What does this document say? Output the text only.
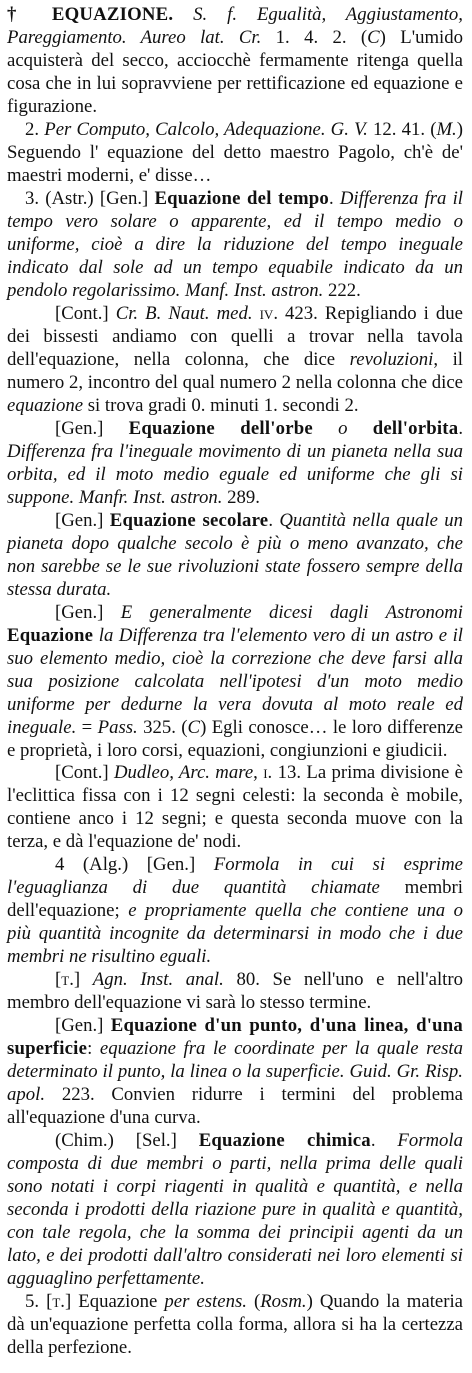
† EQUAZIONE. S. f. Egualità, Aggiustamento, Pareggiamento. Aureo lat. Cr. 1. 4. 2. (C) L'umido acquisterà del secco, acciocchè fermamente ritenga quella cosa che in lui sopravviene per rettificazione ed equazione e figurazione.

2. Per Computo, Calcolo, Adequazione. G. V. 12. 41. (M.) Seguendo l' equazione del detto maestro Pagolo, ch'è de' maestri moderni, e' disse…

3. (Astr.) [Gen.] Equazione del tempo. Differenza fra il tempo vero solare o apparente, ed il tempo medio o uniforme, cioè a dire la riduzione del tempo ineguale indicato dal sole ad un tempo equabile indicato da un pendolo regolarissimo. Manf. Inst. astron. 222.

[Cont.] Cr. B. Naut. med. iv. 423. Repigliando i due dei bissesti andiamo con quelli a trovar nella tavola dell'equazione, nella colonna, che dice revoluzioni, il numero 2, incontro del qual numero 2 nella colonna che dice equazione si trova gradi 0. minuti 1. secondi 2.

[Gen.] Equazione dell'orbe o dell'orbita. Differenza fra l'ineguale movimento di un pianeta nella sua orbita, ed il moto medio eguale ed uniforme che gli si suppone. Manfr. Inst. astron. 289.

[Gen.] Equazione secolare. Quantità nella quale un pianeta dopo qualche secolo è più o meno avanzato, che non sarebbe se le sue rivoluzioni state fossero sempre della stessa durata.

[Gen.] E generalmente dicesi dagli Astronomi Equazione la Differenza tra l'elemento vero di un astro e il suo elemento medio, cioè la correzione che deve farsi alla sua posizione calcolata nell'ipotesi d'un moto medio uniforme per dedurne la vera dovuta al moto reale ed ineguale. = Pass. 325. (C) Egli conosce… le loro differenze e proprietà, i loro corsi, equazioni, congiunzioni e giudicii.

[Cont.] Dudleo, Arc. mare, i. 13. La prima divisione è l'eclittica fissa con i 12 segni celesti: la seconda è mobile, contiene anco i 12 segni; e questa seconda muove con la terza, e dà l'equazione de' nodi.

4 (Alg.) [Gen.] Formola in cui si esprime l'eguaglianza di due quantità chiamate membri dell'equazione; e propriamente quella che contiene una o più quantità incognite da determinarsi in modo che i due membri ne risultino eguali.

[t.] Agn. Inst. anal. 80. Se nell'uno e nell'altro membro dell'equazione vi sarà lo stesso termine.

[Gen.] Equazione d'un punto, d'una linea, d'una superficie: equazione fra le coordinate per la quale resta determinato il punto, la linea o la superficie. Guid. Gr. Risp. apol. 223. Convien ridurre i termini del problema all'equazione d'una curva.

(Chim.) [Sel.] Equazione chimica. Formola composta di due membri o parti, nella prima delle quali sono notati i corpi riagenti in qualità e quantità, e nella seconda i prodotti della riazione pure in qualità e quantità, con tale regola, che la somma dei principii agenti da un lato, e dei prodotti dall'altro considerati nei loro elementi si agguaglino perfettamente.

5. [t.] Equazione per estens. (Rosm.) Quando la materia dà un'equazione perfetta colla forma, allora si ha la certezza della perfezione.
